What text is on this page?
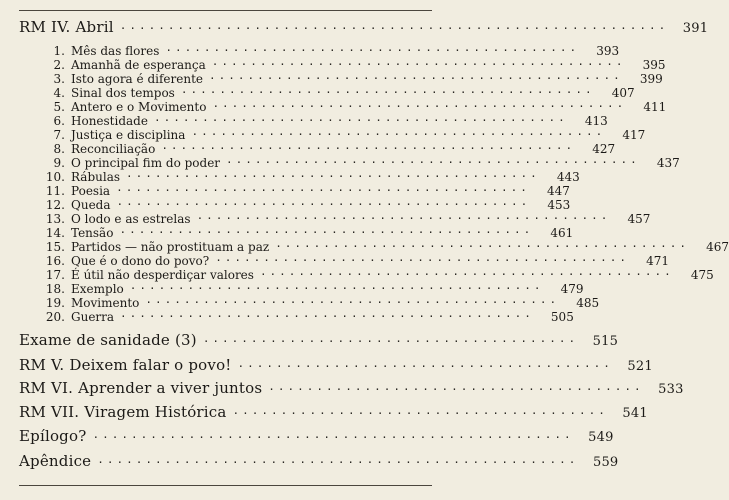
RM IV. Abril ·························································	391
1. Mês das flores ···········································	393
2. Amanhã de esperança ···········································	395
3. Isto agora é diferente ···········································	399
4. Sinal dos tempos ···········································	407
5. Antero e o Movimento ···········································	411
6. Honestidade ···········································	413
7. Justiça e disciplina ···········································	417
8. Reconciliação ···········································	427
9. O principal fim do poder ···········································	437
10. Rábulas ···········································	443
11. Poesia ···········································	447
12. Queda ···········································	453
13. O lodo e as estrelas ···········································	457
14. Tensão ···········································	461
15. Partidos — não prostituam a paz ···········································	467
16. Que é o dono do povo? ···········································	471
17. É útil não desperdiçar valores ···········································	475
18. Exemplo ···········································	479
19. Movimento ···········································	485
20. Guerra ···········································	505
Exame de sanidade (3) ·······································	515
RM V. Deixem falar o povo! ·······································	521
RM VI. Aprender a viver juntos ·······································	533
RM VII. Viragem Histórica ·······································	541
Epílogo? ··················································	549
Apêndice ··················································	559
